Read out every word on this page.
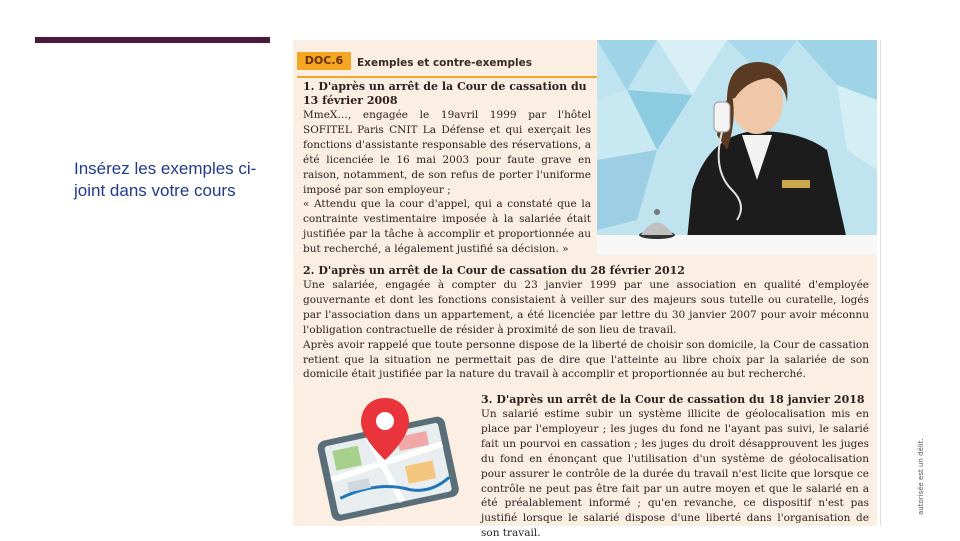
Insérez les exemples ci-joint dans votre cours
DOC.6	Exemples et contre-exemples
1. D'après un arrêt de la Cour de cassation du 13 février 2008
MmeX…, engagée le 19avril 1999 par l'hôtel SOFITEL Paris CNIT La Défense et qui exerçait les fonctions d'assistante responsable des réservations, a été licenciée le 16 mai 2003 pour faute grave en raison, notamment, de son refus de porter l'uniforme imposé par son employeur ;
« Attendu que la cour d'appel, qui a constaté que la contrainte vestimentaire imposée à la salariée était justifiée par la tâche à accomplir et proportionnée au but recherché, a légalement justifié sa décision. »
2. D'après un arrêt de la Cour de cassation du 28 février 2012
Une salariée, engagée à compter du 23 janvier 1999 par une association en qualité d'employée gouvernante et dont les fonctions consistaient à veiller sur des majeurs sous tutelle ou curatelle, logés par l'association dans un appartement, a été licenciée par lettre du 30 janvier 2007 pour avoir méconnu l'obligation contractuelle de résider à proximité de son lieu de travail.
Après avoir rappelé que toute personne dispose de la liberté de choisir son domicile, la Cour de cassation retient que la situation ne permettait pas de dire que l'atteinte au libre choix par la salariée de son domicile était justifiée par la nature du travail à accomplir et proportionnée au but recherché.
3. D'après un arrêt de la Cour de cassation du 18 janvier 2018
Un salarié estime subir un système illicite de géolocalisation mis en place par l'employeur ; les juges du fond ne l'ayant pas suivi, le salarié fait un pourvoi en cassation ; les juges du droit désapprouvent les juges du fond en énonçant que l'utilisation d'un système de géolocalisation pour assurer le contrôle de la durée du travail n'est licite que lorsque ce contrôle ne peut pas être fait par un autre moyen et que le salarié en a été préalablement informé ; qu'en revanche, ce dispositif n'est pas justifié lorsque le salarié dispose d'une liberté dans l'organisation de son travail.
autorisée est un délit.
